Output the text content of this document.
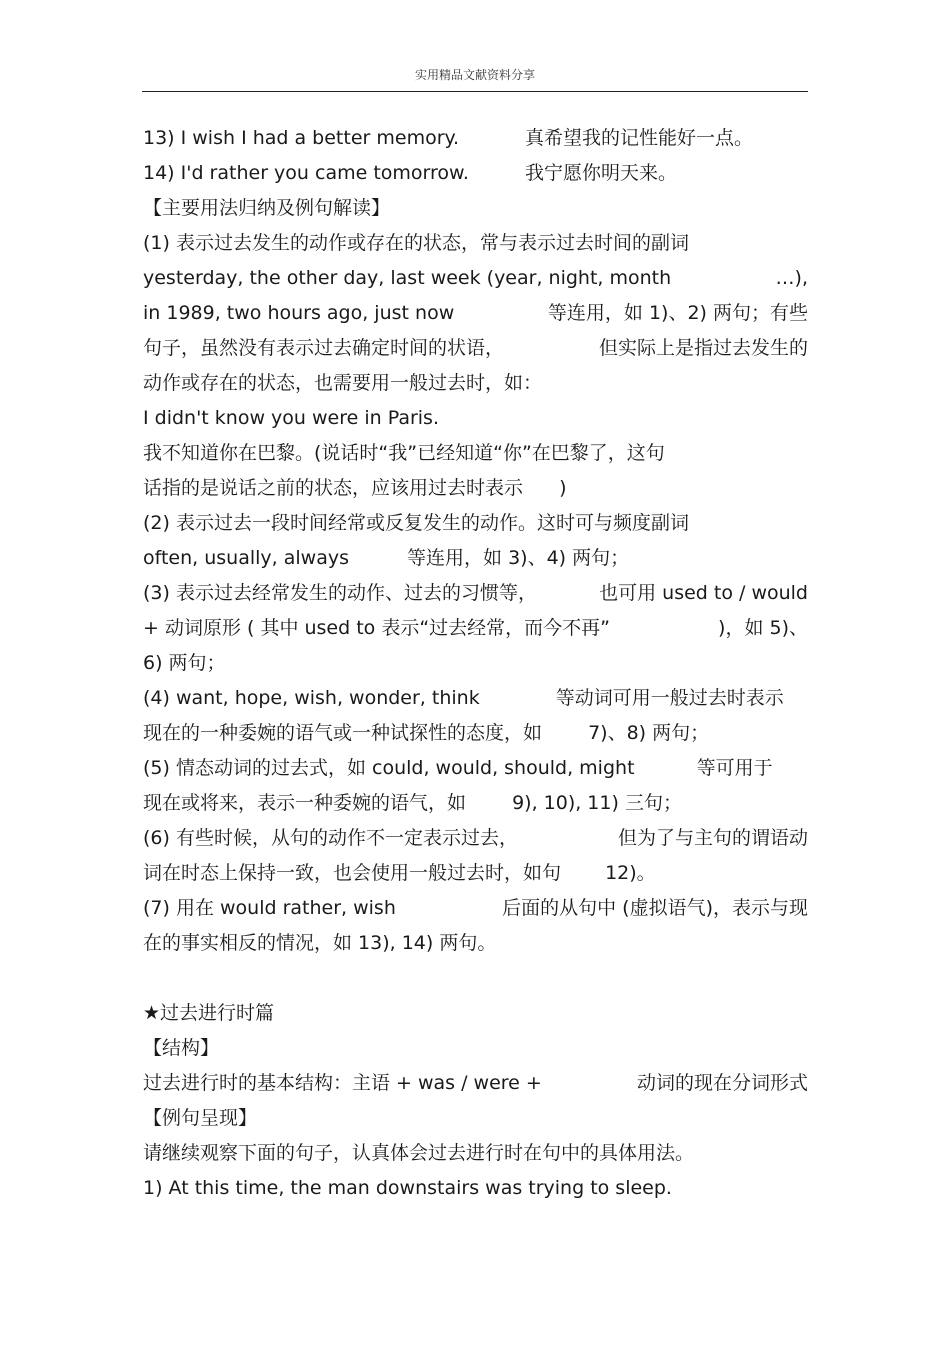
实用精品文献资料分享
13) I wish I had a better memory.	真希望我的记性能好一点。
14) I'd rather you came tomorrow.	我宁愿你明天来。
【主要用法归纳及例句解读】
(1) 表示过去发生的动作或存在的状态，常与表示过去时间的副词
yesterday, the other day, last week (year, night, month	…),
in 1989, two hours ago, just now	等连用，如 1)、2) 两句；有些
句子，虽然没有表示过去确定时间的状语，	但实际上是指过去发生的
动作或存在的状态，也需要用一般过去时，如：
I didn't know you were in Paris.
我不知道你在巴黎。(说话时“我”已经知道“你”在巴黎了，这句
话指的是说话之前的状态，应该用过去时表示 )
(2) 表示过去一段时间经常或反复发生的动作。这时可与频度副词
often, usually, always	等连用，如 3)、4) 两句；
(3) 表示过去经常发生的动作、过去的习惯等，	也可用 used to / would
+ 动词原形 ( 其中 used to 表示“过去经常，而今不再”	)，如 5)、
6) 两句；
(4) want, hope, wish, wonder, think	等动词可用一般过去时表示
现在的一种委婉的语气或一种试探性的态度，如 7)、8) 两句；
(5) 情态动词的过去式，如 could, would, should, might	等可用于
现在或将来，表示一种委婉的语气，如 9), 10), 11) 三句；
(6) 有些时候，从句的动作不一定表示过去，	但为了与主句的谓语动
词在时态上保持一致，也会使用一般过去时，如句 12)。
(7) 用在 would rather, wish	后面的从句中 (虚拟语气)，表示与现
在的事实相反的情况，如 13), 14) 两句。
★过去进行时篇
【结构】
过去进行时的基本结构：主语 + was / were +	动词的现在分词形式
【例句呈现】
请继续观察下面的句子，认真体会过去进行时在句中的具体用法。
1) At this time, the man downstairs was trying to sleep.
